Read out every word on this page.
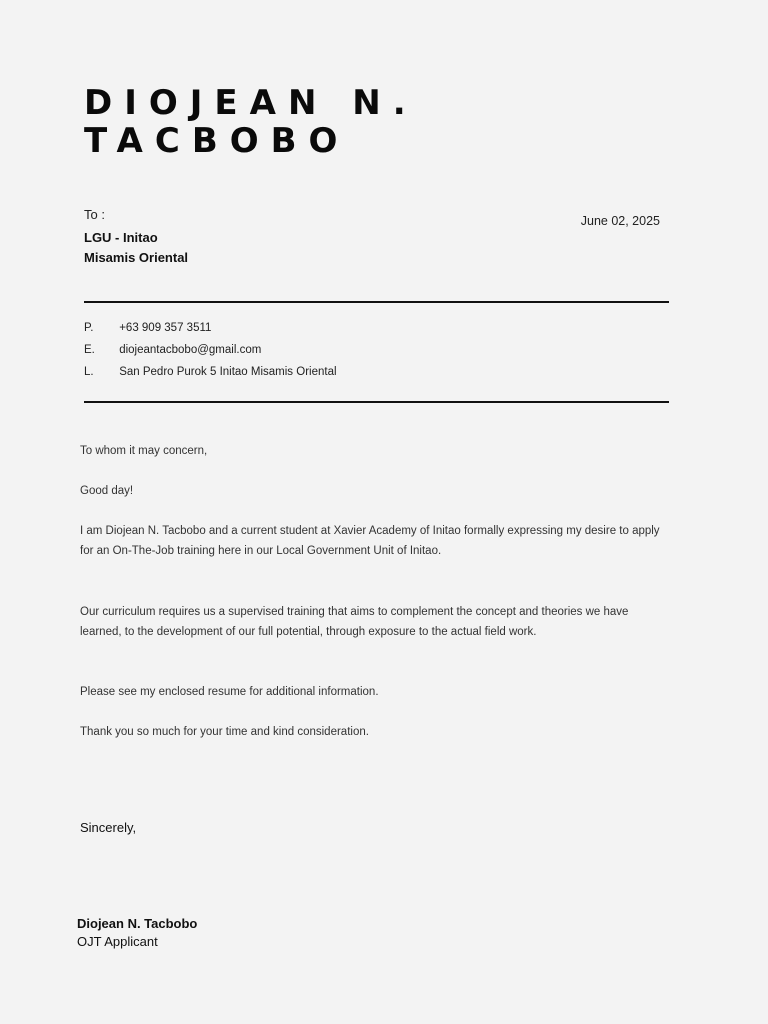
DIOJEAN N.
TACBOBO
To :
LGU - Initao
Misamis Oriental
June 02, 2025
P. +63 909 357 3511
E. diojeantacbobo@gmail.com
L. San Pedro Purok 5 Initao Misamis Oriental

To whom it may concern,

Good day!

I am Diojean N. Tacbobo and a current student at Xavier Academy of Initao formally expressing my desire to apply for an On-The-Job training here in our Local Government Unit of Initao.

Our curriculum requires us a supervised training that aims to complement the concept and theories we have learned, to the development of our full potential, through exposure to the actual field work.

Please see my enclosed resume for additional information.

Thank you so much for your time and kind consideration.

Sincerely,
Diojean N. Tacbobo
OJT Applicant
